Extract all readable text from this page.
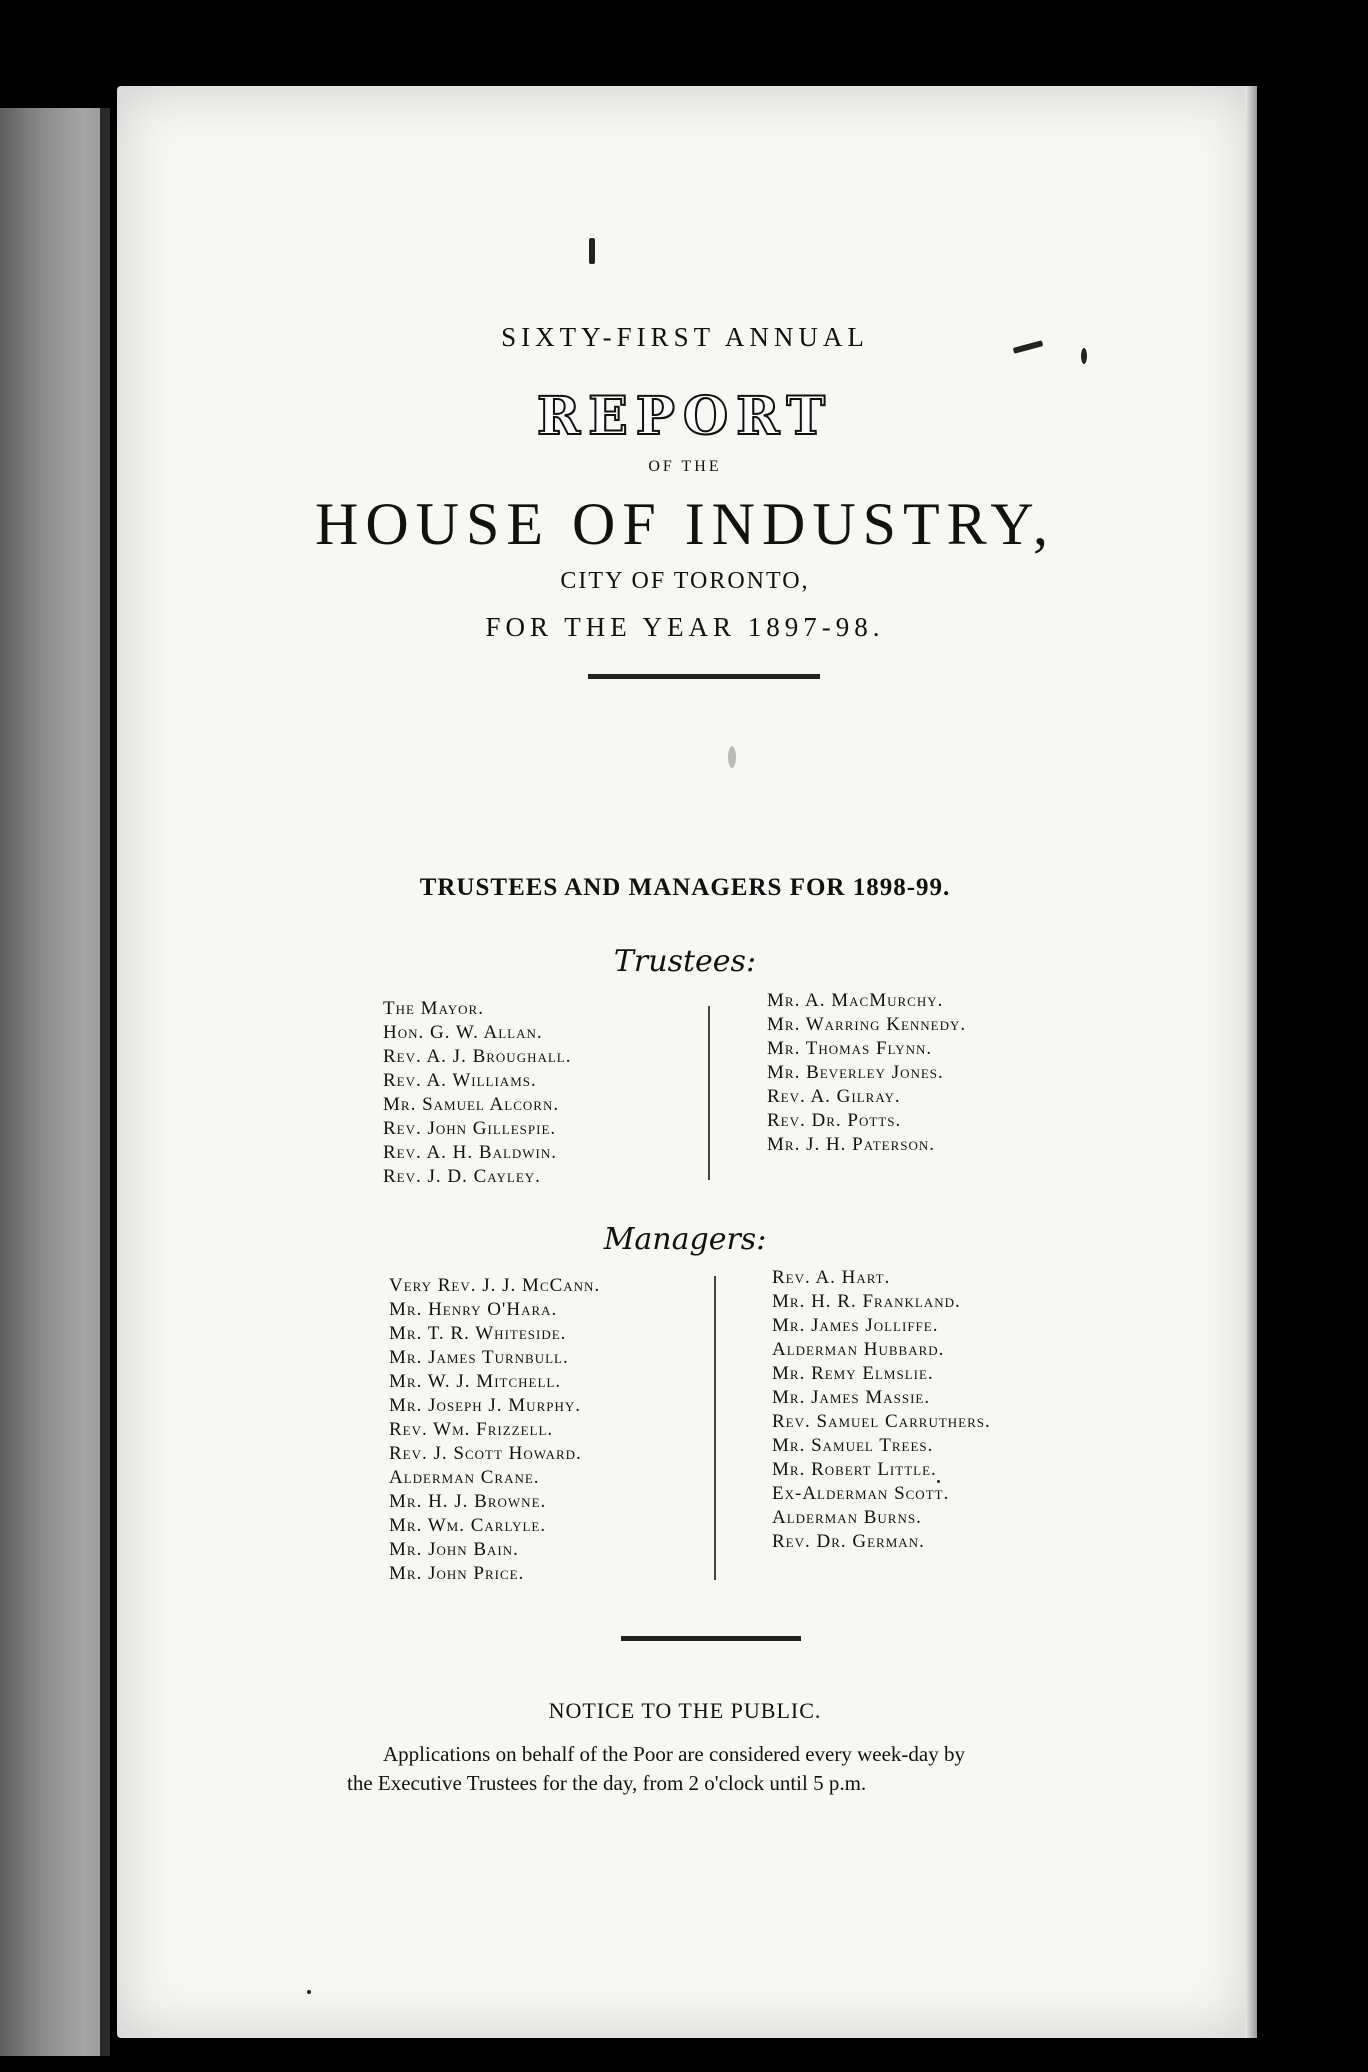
SIXTY-FIRST ANNUAL
REPORT
OF THE
HOUSE OF INDUSTRY,
CITY OF TORONTO,
FOR THE YEAR 1897-98.
TRUSTEES AND MANAGERS FOR 1898-99.
Trustees:
The Mayor.
Hon. G. W. Allan.
Rev. A. J. Broughall.
Rev. A. Williams.
Mr. Samuel Alcorn.
Rev. John Gillespie.
Rev. A. H. Baldwin.
Rev. J. D. Cayley.
Mr. A. MacMurchy.
Mr. Warring Kennedy.
Mr. Thomas Flynn.
Mr. Beverley Jones.
Rev. A. Gilray.
Rev. Dr. Potts.
Mr. J. H. Paterson.
Managers:
Very Rev. J. J. McCann.
Mr. Henry O'Hara.
Mr. T. R. Whiteside.
Mr. James Turnbull.
Mr. W. J. Mitchell.
Mr. Joseph J. Murphy.
Rev. Wm. Frizzell.
Rev. J. Scott Howard.
Alderman Crane.
Mr. H. J. Browne.
Mr. Wm. Carlyle.
Mr. John Bain.
Mr. John Price.
Rev. A. Hart.
Mr. H. R. Frankland.
Mr. James Jolliffe.
Alderman Hubbard.
Mr. Remy Elmslie.
Mr. James Massie.
Rev. Samuel Carruthers.
Mr. Samuel Trees.
Mr. Robert Little.
Ex-Alderman Scott.
Alderman Burns.
Rev. Dr. German.
NOTICE TO THE PUBLIC.
Applications on behalf of the Poor are considered every week-day by
the Executive Trustees for the day, from 2 o'clock until 5 p.m.
